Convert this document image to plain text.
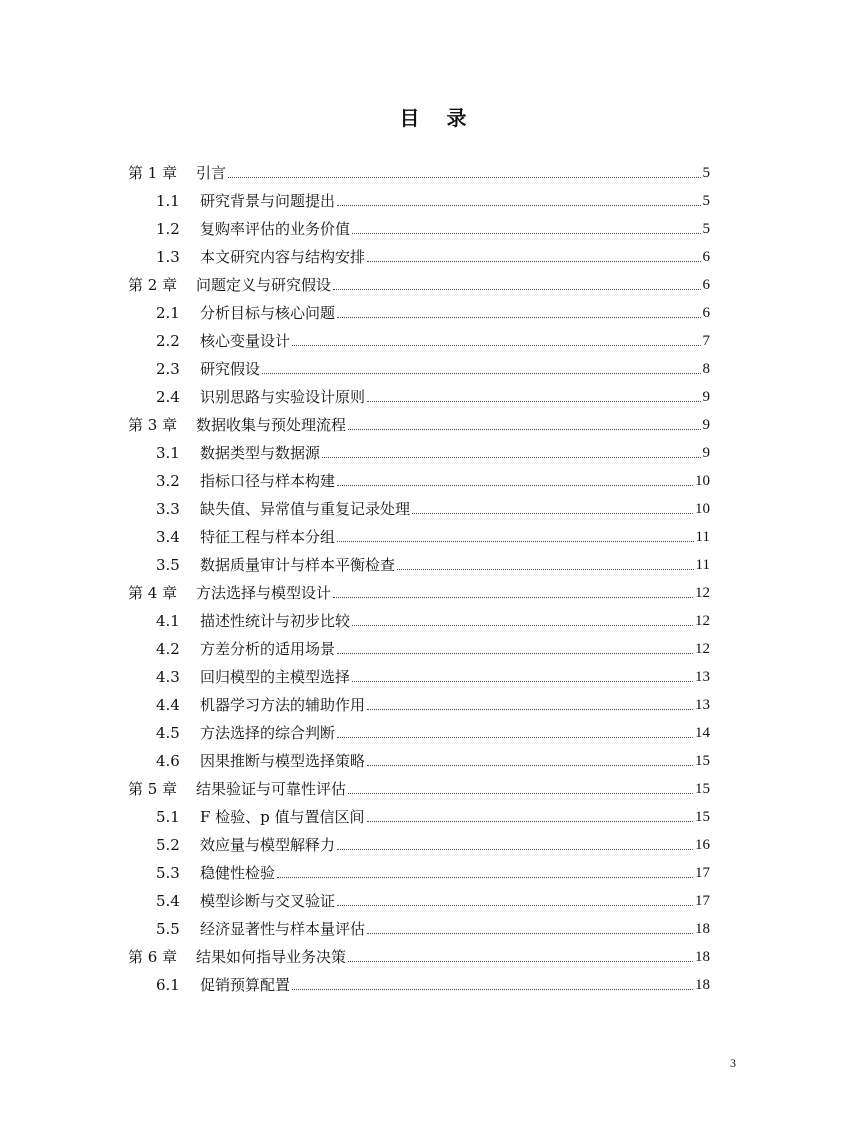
目 录
第 1 章	引言	5
1.1	研究背景与问题提出	5
1.2	复购率评估的业务价值	5
1.3	本文研究内容与结构安排	6
第 2 章	问题定义与研究假设	6
2.1	分析目标与核心问题	6
2.2	核心变量设计	7
2.3	研究假设	8
2.4	识别思路与实验设计原则	9
第 3 章	数据收集与预处理流程	9
3.1	数据类型与数据源	9
3.2	指标口径与样本构建	10
3.3	缺失值、异常值与重复记录处理	10
3.4	特征工程与样本分组	11
3.5	数据质量审计与样本平衡检查	11
第 4 章	方法选择与模型设计	12
4.1	描述性统计与初步比较	12
4.2	方差分析的适用场景	12
4.3	回归模型的主模型选择	13
4.4	机器学习方法的辅助作用	13
4.5	方法选择的综合判断	14
4.6	因果推断与模型选择策略	15
第 5 章	结果验证与可靠性评估	15
5.1	F 检验、p 值与置信区间	15
5.2	效应量与模型解释力	16
5.3	稳健性检验	17
5.4	模型诊断与交叉验证	17
5.5	经济显著性与样本量评估	18
第 6 章	结果如何指导业务决策	18
6.1	促销预算配置	18
3
